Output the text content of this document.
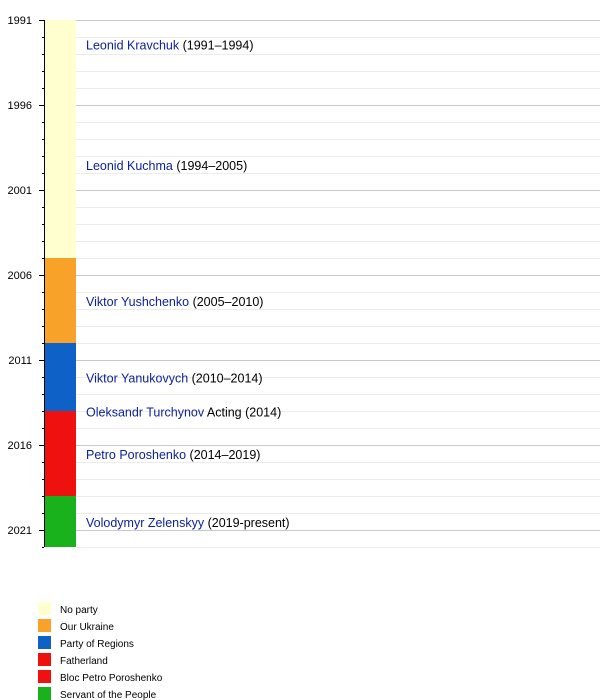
1991
1996
2001
2006
2011
2016
2021
Leonid Kravchuk (1991–1994)
Leonid Kuchma (1994–2005)
Viktor Yushchenko (2005–2010)
Viktor Yanukovych (2010–2014)
Oleksandr Turchynov Acting (2014)
Petro Poroshenko (2014–2019)
Volodymyr Zelenskyy (2019-present)
No party
Our Ukraine
Party of Regions
Fatherland
Bloc Petro Poroshenko
Servant of the People
